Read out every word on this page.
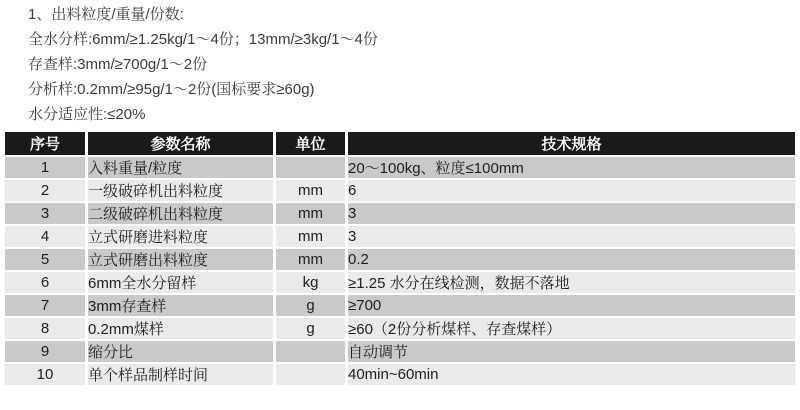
1、出料粒度/重量/份数:

全水分样:6mm/≥1.25kg/1〜4份；13mm/≥3kg/1〜4份

存查样:3mm/≥700g/1〜2份

分析样:0.2mm/≥95g/1〜2份(国标要求≥60g)

水分适应性:≤20%

序号	参数名称	单位	技术规格
1	入料重量/粒度		20〜100kg、粒度≤100mm
2	一级破碎机出料粒度	mm	6
3	二级破碎机出料粒度	mm	3
4	立式研磨进料粒度	mm	3
5	立式研磨出料粒度	mm	0.2
6	6mm全水分留样	kg	≥1.25 水分在线检测，数据不落地
7	3mm存查样	g	≥700
8	0.2mm煤样	g	≥60（2份分析煤样、存查煤样）
9	缩分比		自动调节
10	单个样品制样时间		40min~60min
